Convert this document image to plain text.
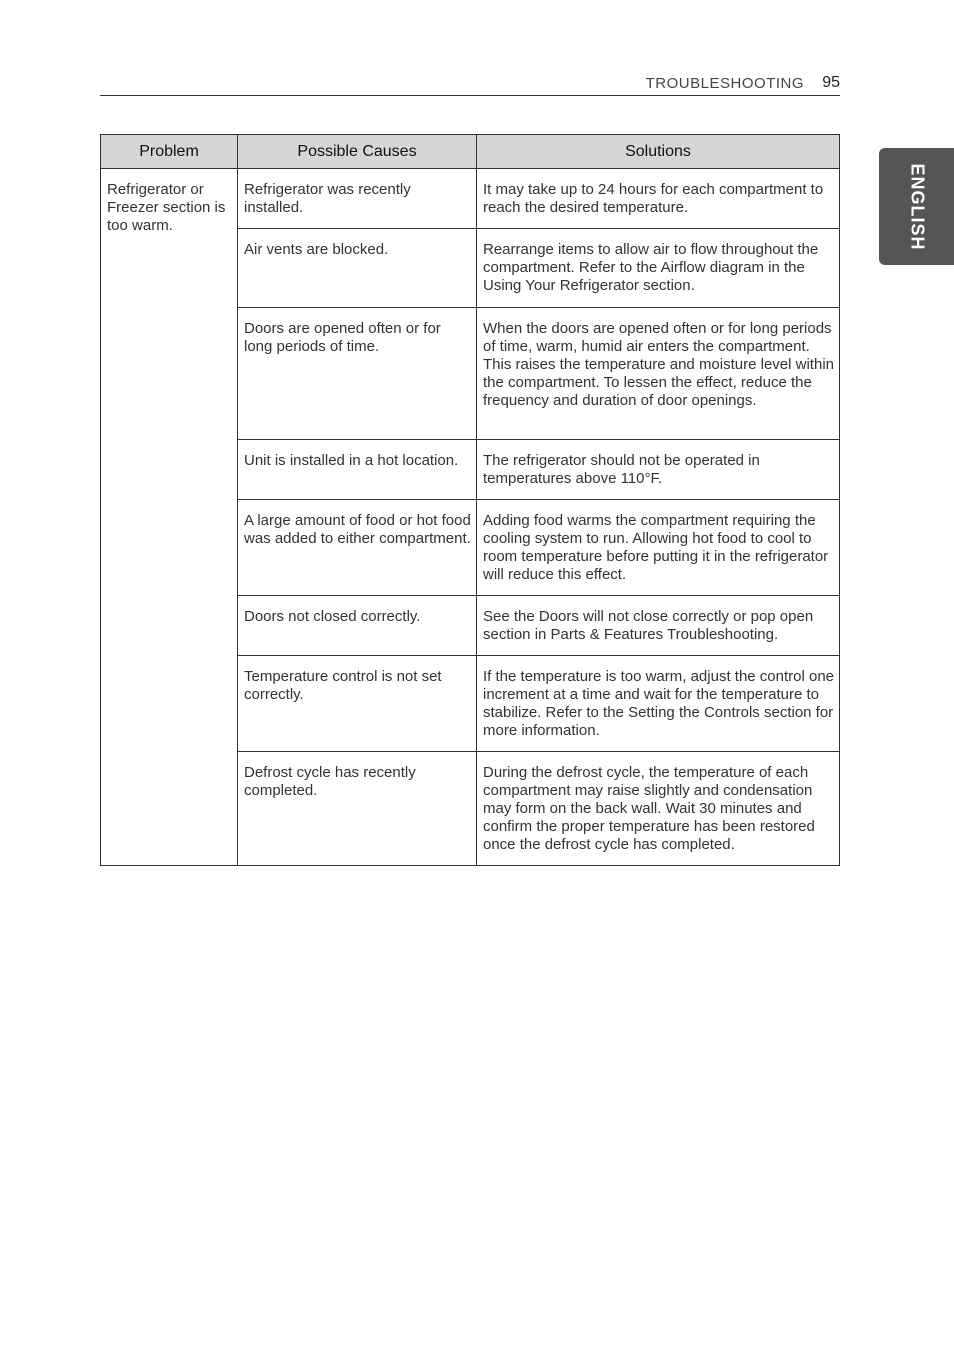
TROUBLESHOOTING 95
ENGLISH
Problem	Possible Causes	Solutions
Refrigerator or Freezer section is too warm.	Refrigerator was recently installed.	It may take up to 24 hours for each compartment to reach the desired temperature.
	Air vents are blocked.	Rearrange items to allow air to flow throughout the compartment. Refer to the Airflow diagram in the Using Your Refrigerator section.
	Doors are opened often or for long periods of time.	When the doors are opened often or for long periods of time, warm, humid air enters the compartment. This raises the temperature and moisture level within the compartment. To lessen the effect, reduce the frequency and duration of door openings.
	Unit is installed in a hot location.	The refrigerator should not be operated in temperatures above 110°F.
	A large amount of food or hot food was added to either compartment.	Adding food warms the compartment requiring the cooling system to run. Allowing hot food to cool to room temperature before putting it in the refrigerator will reduce this effect.
	Doors not closed correctly.	See the Doors will not close correctly or pop open section in Parts & Features Troubleshooting.
	Temperature control is not set correctly.	If the temperature is too warm, adjust the control one increment at a time and wait for the temperature to stabilize. Refer to the Setting the Controls section for more information.
	Defrost cycle has recently completed.	During the defrost cycle, the temperature of each compartment may raise slightly and condensation may form on the back wall. Wait 30 minutes and confirm the proper temperature has been restored once the defrost cycle has completed.
